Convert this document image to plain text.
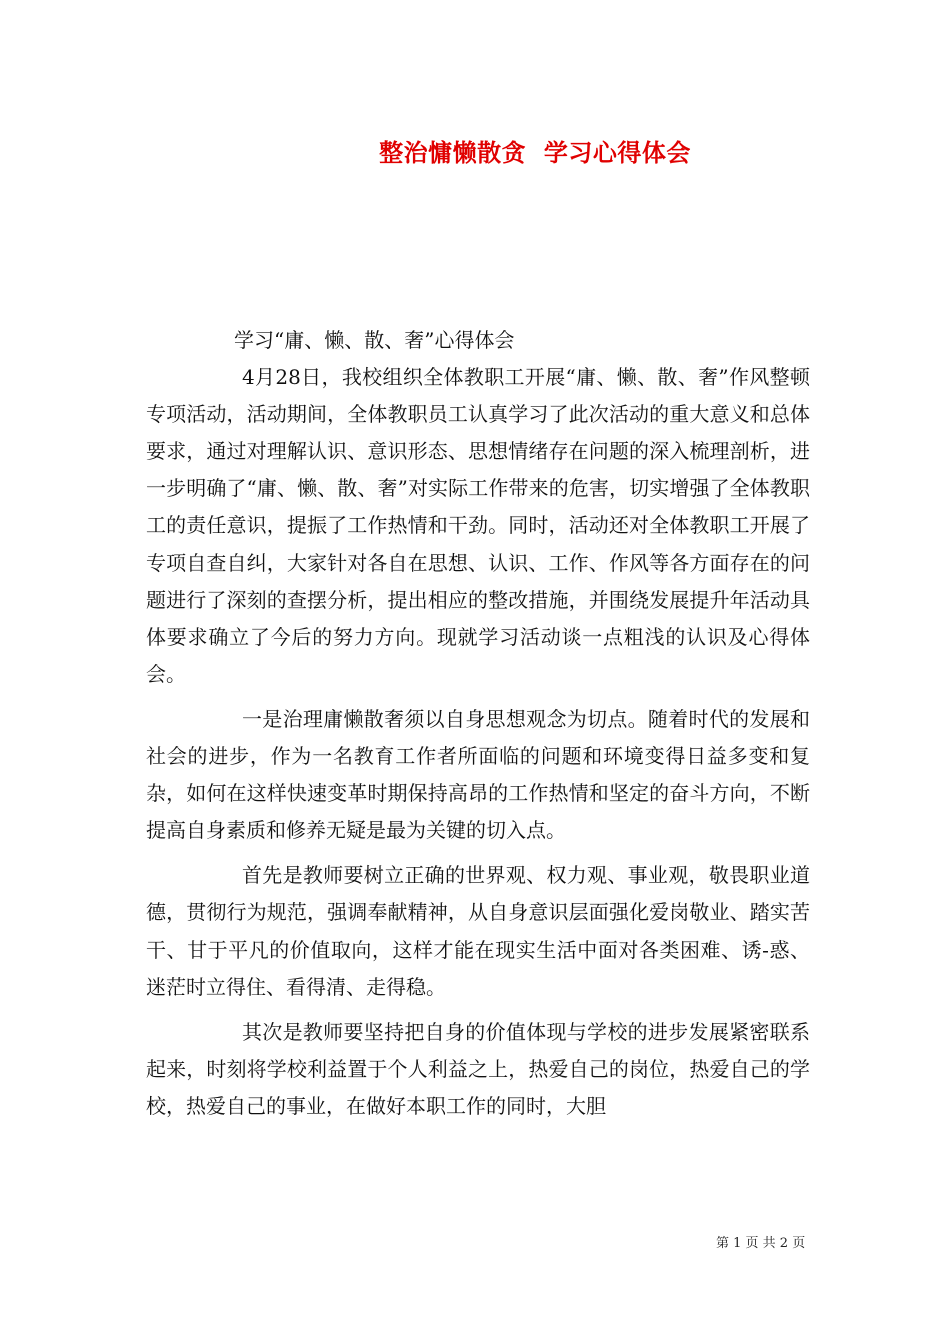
整治慵懒散贪  学习心得体会

学习“庸、懒、散、奢”心得体会

4月28日，我校组织全体教职工开展“庸、懒、散、奢”作风整顿专项活动，活动期间，全体教职员工认真学习了此次活动的重大意义和总体要求，通过对理解认识、意识形态、思想情绪存在问题的深入梳理剖析，进一步明确了“庸、懒、散、奢”对实际工作带来的危害，切实增强了全体教职工的责任意识，提振了工作热情和干劲。同时，活动还对全体教职工开展了专项自查自纠，大家针对各自在思想、认识、工作、作风等各方面存在的问题进行了深刻的查摆分析，提出相应的整改措施，并围绕发展提升年活动具体要求确立了今后的努力方向。现就学习活动谈一点粗浅的认识及心得体会。

一是治理庸懒散奢须以自身思想观念为切点。随着时代的发展和社会的进步，作为一名教育工作者所面临的问题和环境变得日益多变和复杂，如何在这样快速变革时期保持高昂的工作热情和坚定的奋斗方向，不断提高自身素质和修养无疑是最为关键的切入点。

首先是教师要树立正确的世界观、权力观、事业观，敬畏职业道德，贯彻行为规范，强调奉献精神，从自身意识层面强化爱岗敬业、踏实苦干、甘于平凡的价值取向，这样才能在现实生活中面对各类困难、诱-惑、迷茫时立得住、看得清、走得稳。

其次是教师要坚持把自身的价值体现与学校的进步发展紧密联系起来，时刻将学校利益置于个人利益之上，热爱自己的岗位，热爱自己的学校，热爱自己的事业，在做好本职工作的同时，大胆

第 1 页 共 2 页
